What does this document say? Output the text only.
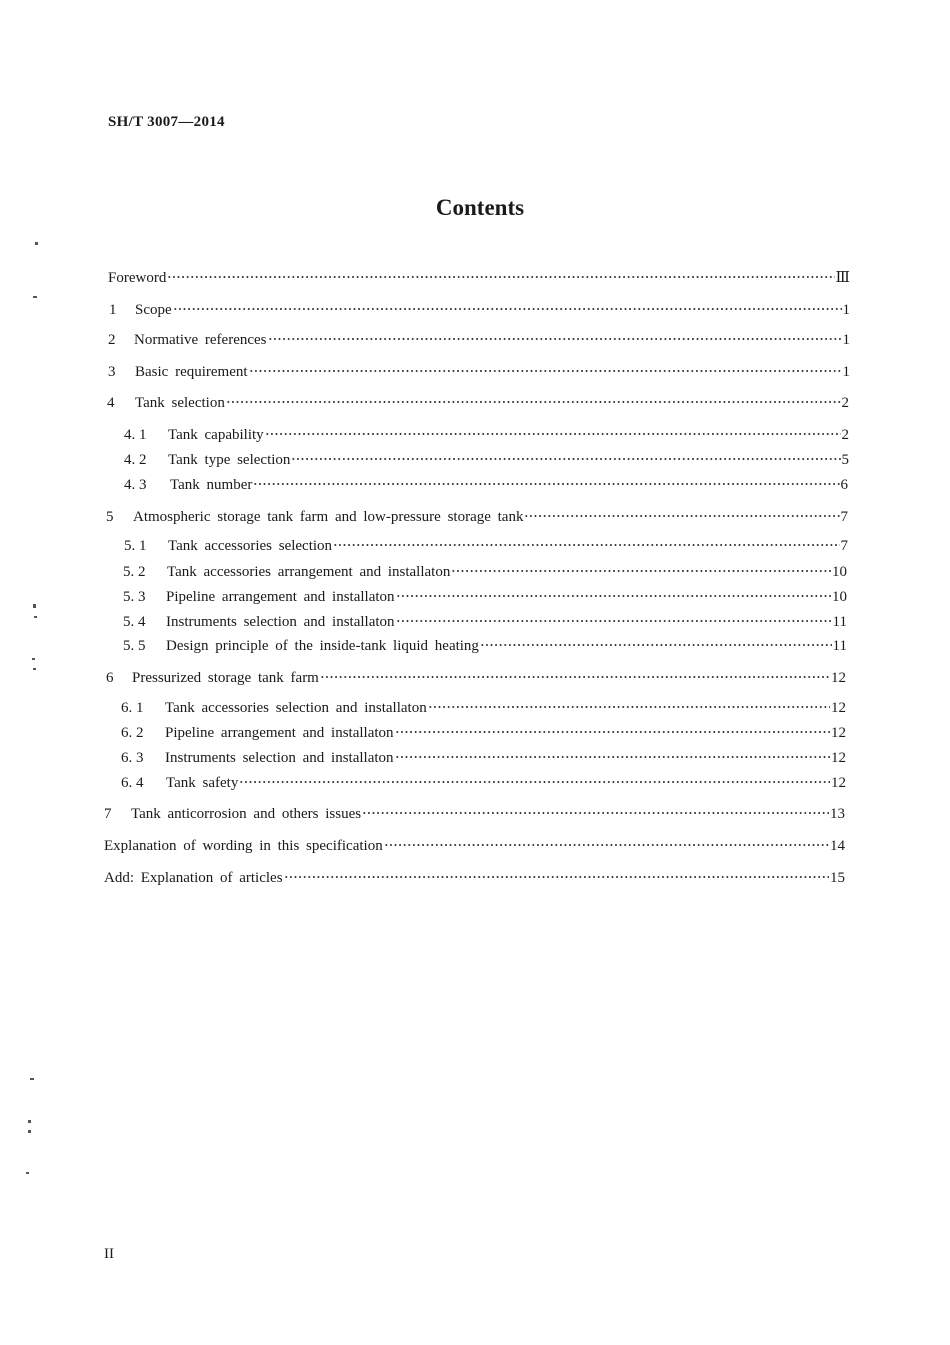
SH/T 3007—2014
Contents
Foreword	Ⅲ
1	Scope	1
2	Normative references	1
3	Basic requirement	1
4	Tank selection	2
4. 1	Tank capability	2
4. 2	Tank type selection	5
4. 3	Tank number	6
5	Atmospheric storage tank farm and low-pressure storage tank	7
5. 1	Tank accessories selection	7
5. 2	Tank accessories arrangement and installaton	10
5. 3	Pipeline arrangement and installaton	10
5. 4	Instruments selection and installaton	11
5. 5	Design principle of the inside-tank liquid heating	11
6	Pressurized storage tank farm	12
6. 1	Tank accessories selection and installaton	12
6. 2	Pipeline arrangement and installaton	12
6. 3	Instruments selection and installaton	12
6. 4	Tank safety	12
7	Tank anticorrosion and others issues	13
Explanation of wording in this specification	14
Add: Explanation of articles	15
II
